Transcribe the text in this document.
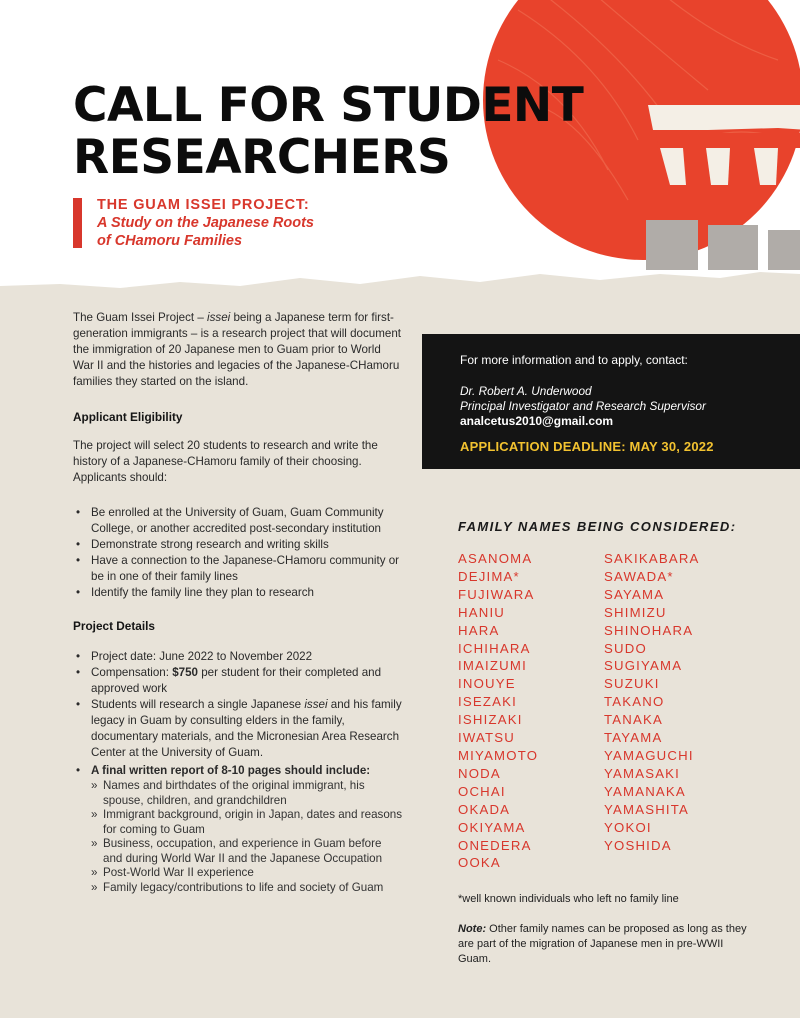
CALL FOR STUDENT
RESEARCHERS
THE GUAM ISSEI PROJECT:
A Study on the Japanese Roots
of CHamoru Families

The Guam Issei Project – issei being a Japanese term for first-generation immigrants – is a research project that will document the immigration of 20 Japanese men to Guam prior to World War II and the histories and legacies of the Japanese-CHamoru families they started on the island.

Applicant Eligibility

The project will select 20 students to research and write the history of a Japanese-CHamoru family of their choosing. Applicants should:

• Be enrolled at the University of Guam, Guam Community College, or another accredited post-secondary institution
• Demonstrate strong research and writing skills
• Have a connection to the Japanese-CHamoru community or be in one of their family lines
• Identify the family line they plan to research
Project Details
• Project date: June 2022 to November 2022
• Compensation: $750 per student for their completed and approved work
• Students will research a single Japanese issei and his family legacy in Guam by consulting elders in the family, documentary materials, and the Micronesian Area Research Center at the University of Guam.
• A final written report of 8-10 pages should include:
» Names and birthdates of the original immigrant, his spouse, children, and grandchildren
» Immigrant background, origin in Japan, dates and reasons for coming to Guam
» Business, occupation, and experience in Guam before and during World War II and the Japanese Occupation
» Post-World War II experience
» Family legacy/contributions to life and society of Guam
For more information and to apply, contact:
Dr. Robert A. Underwood
Principal Investigator and Research Supervisor
analcetus2010@gmail.com
APPLICATION DEADLINE: MAY 30, 2022
FAMILY NAMES BEING CONSIDERED:
ASANOMA
DEJIMA*
FUJIWARA
HANIU
HARA
ICHIHARA
IMAIZUMI
INOUYE
ISEZAKI
ISHIZAKI
IWATSU
MIYAMOTO
NODA
OCHAI
OKADA
OKIYAMA
ONEDERA
OOKA
SAKIKABARA
SAWADA*
SAYAMA
SHIMIZU
SHINOHARA
SUDO
SUGIYAMA
SUZUKI
TAKANO
TANAKA
TAYAMA
YAMAGUCHI
YAMASAKI
YAMANAKA
YAMASHITA
YOKOI
YOSHIDA
*well known individuals who left no family line
Note: Other family names can be proposed as long as they are part of the migration of Japanese men in pre-WWII Guam.
